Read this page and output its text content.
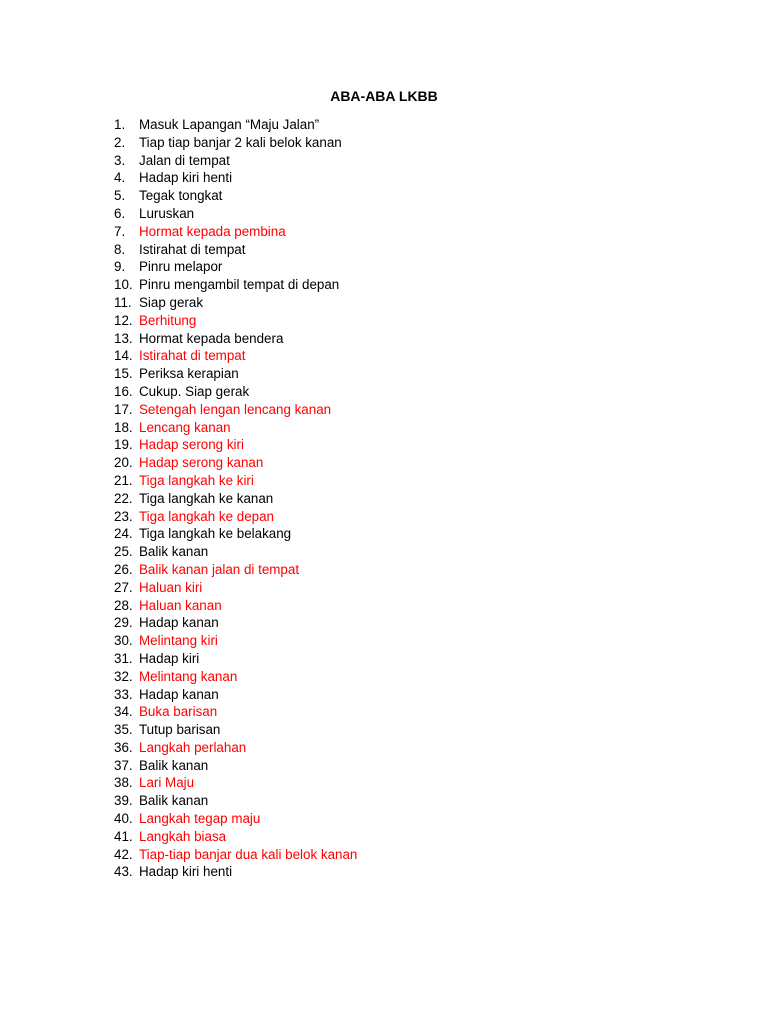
ABA-ABA LKBB
1.	Masuk Lapangan “Maju Jalan”
2.	Tiap tiap banjar 2 kali belok kanan
3.	Jalan di tempat
4.	Hadap kiri henti
5.	Tegak tongkat
6.	Luruskan
7.	Hormat kepada pembina
8.	Istirahat di tempat
9.	Pinru melapor
10. Pinru mengambil tempat di depan
11. Siap gerak
12. Berhitung
13. Hormat kepada bendera
14. Istirahat di tempat
15. Periksa kerapian
16. Cukup. Siap gerak
17. Setengah lengan lencang kanan
18. Lencang kanan
19. Hadap serong kiri
20. Hadap serong kanan
21. Tiga langkah ke kiri
22. Tiga langkah ke kanan
23. Tiga langkah ke depan
24. Tiga langkah ke belakang
25. Balik kanan
26. Balik kanan jalan di tempat
27. Haluan kiri
28. Haluan kanan
29. Hadap kanan
30. Melintang kiri
31. Hadap kiri
32. Melintang kanan
33. Hadap kanan
34. Buka barisan
35. Tutup barisan
36. Langkah perlahan
37. Balik kanan
38. Lari Maju
39. Balik kanan
40. Langkah tegap maju
41. Langkah biasa
42. Tiap-tiap banjar dua kali belok kanan
43. Hadap kiri henti
